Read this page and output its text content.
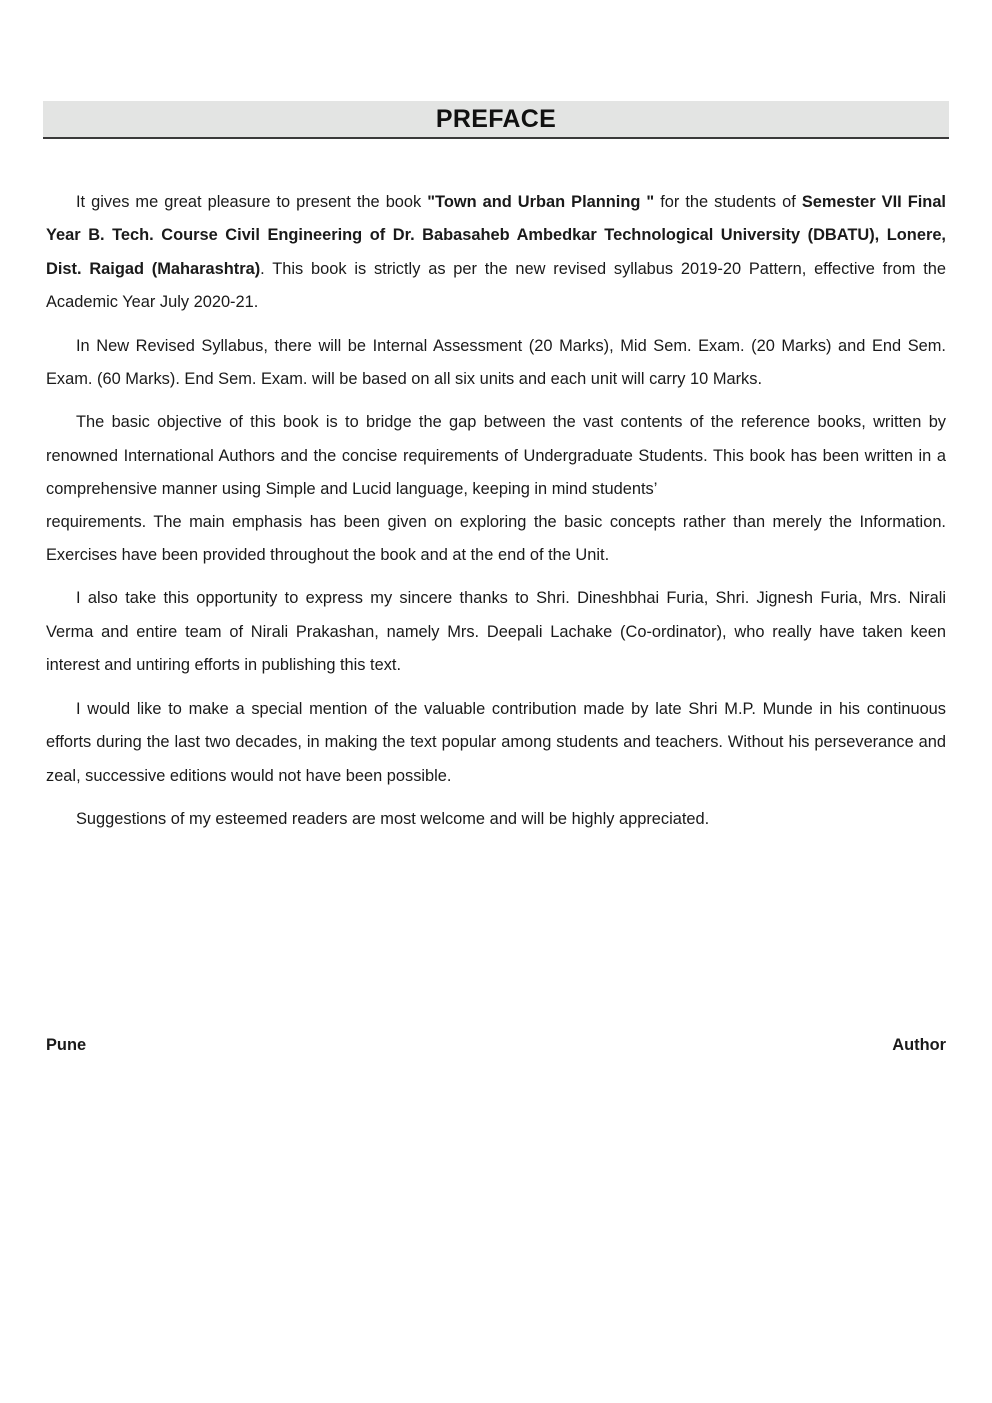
PREFACE

It gives me great pleasure to present the book "Town and Urban Planning " for the students of Semester VII Final Year B. Tech. Course Civil Engineering of Dr. Babasaheb Ambedkar Technological University (DBATU), Lonere, Dist. Raigad (Maharashtra). This book is strictly as per the new revised syllabus 2019-20 Pattern, effective from the Academic Year July 2020-21.

In New Revised Syllabus, there will be Internal Assessment (20 Marks), Mid Sem. Exam. (20 Marks) and End Sem. Exam. (60 Marks). End Sem. Exam. will be based on all six units and each unit will carry 10 Marks.

The basic objective of this book is to bridge the gap between the vast contents of the reference books, written by renowned International Authors and the concise requirements of Undergraduate Students. This book has been written in a comprehensive manner using Simple and Lucid language, keeping in mind students’

requirements. The main emphasis has been given on exploring the basic concepts rather than merely the Information. Exercises have been provided throughout the book and at the end of the Unit.

I also take this opportunity to express my sincere thanks to Shri. Dineshbhai Furia, Shri. Jignesh Furia, Mrs. Nirali Verma and entire team of Nirali Prakashan, namely Mrs. Deepali Lachake (Co-ordinator), who really have taken keen interest and untiring efforts in publishing this text.

I would like to make a special mention of the valuable contribution made by late Shri M.P. Munde in his continuous efforts during the last two decades, in making the text popular among students and teachers. Without his perseverance and zeal, successive editions would not have been possible.

Suggestions of my esteemed readers are most welcome and will be highly appreciated.

Pune	Author
